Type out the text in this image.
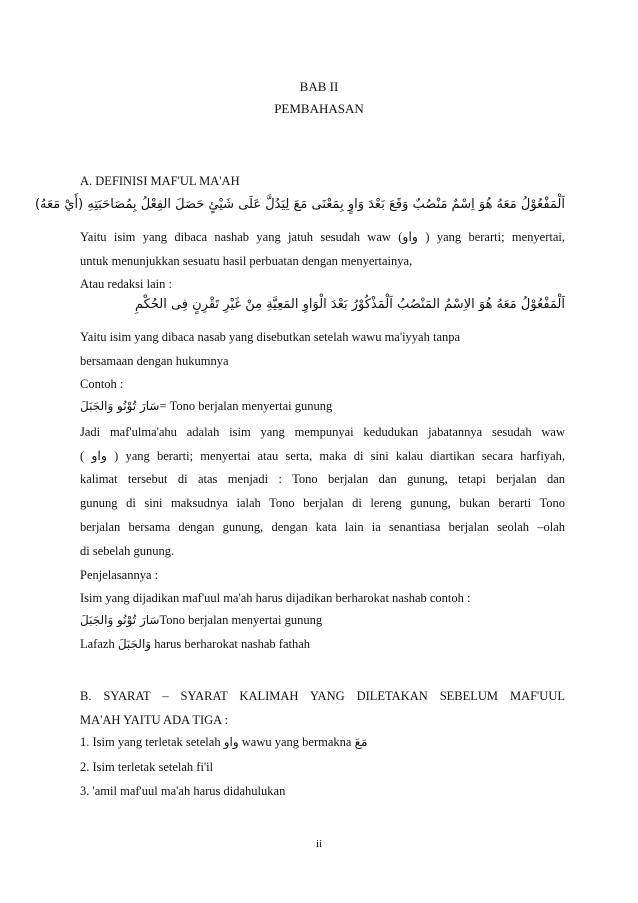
BAB II
PEMBAHASAN
A. DEFINISI MAF'UL MA'AH
اَلْمَفْعُوْلُ مَعَهُ هُوَ اِسْمٌ مَنْصُبٌ وَقَعَ بَعْدَ وَاوٍ بِمَعْنَى مَعَ لِيَدُلَّ عَلَى شَيْئٍ حَصَلَ الفِعْلُ بِمُصَاحَبَتِهِ (أَيْ مَعَهُ)
Yaitu isim yang dibaca nashab yang jatuh sesudah waw (واو ) yang berarti; menyertai,
untuk menunjukkan sesuatu hasil perbuatan dengan menyertainya,
Atau redaksi lain :
اَلْمَفْعُوْلُ مَعَهُ هُوَ الاِسْمُ المَنْصُبُ اَلْمَذْكُوْرُ بَعْدَ الْوَاوِ المَعِيَّةِ مِنْ غَيْرِ تَقْرِنٍ فِى الحُكْمِ
Yaitu isim yang dibaca nasab yang disebutkan setelah wawu ma'iyyah tanpa
bersamaan dengan hukumnya
Contoh :
سَارَ تُوْنُو وَالجَبَلَ= Tono berjalan menyertai gunung
Jadi maf'ulma'ahu adalah isim yang mempunyai kedudukan jabatannya sesudah waw
( واو ) yang berarti; menyertai atau serta, maka di sini kalau diartikan secara harfiyah,
kalimat tersebut di atas menjadi : Tono berjalan dan gunung, tetapi berjalan dan
gunung di sini maksudnya ialah Tono berjalan di lereng gunung, bukan berarti Tono
berjalan bersama dengan gunung, dengan kata lain ia senantiasa berjalan seolah –olah
di sebelah gunung.
Penjelasannya :
Isim yang dijadikan maf'uul ma'ah harus dijadikan berharokat nashab contoh :
سَارَ تُوْنُو وَالجَبَلَTono berjalan menyertai gunung
Lafazh وَالجَبَلَ harus berharokat nashab fathah
B. SYARAT – SYARAT KALIMAH YANG DILETAKAN SEBELUM MAF'UUL
MA'AH YAITU ADA TIGA :
1. Isim yang terletak setelah واو wawu yang bermakna مَعَ
2. Isim terletak setelah fi'il
3. 'amil maf'uul ma'ah harus didahulukan
ii
